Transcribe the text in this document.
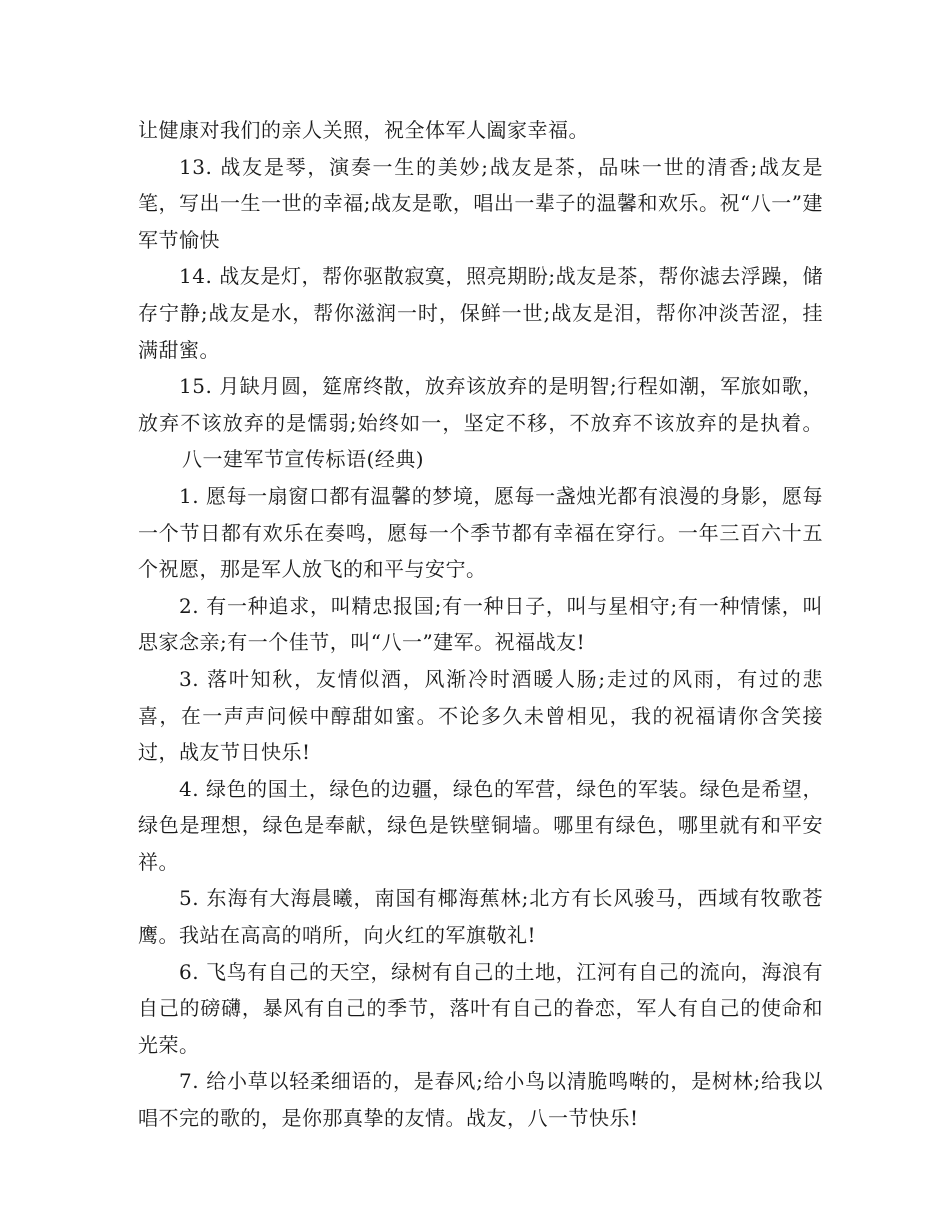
让健康对我们的亲人关照，祝全体军人阖家幸福。

13. 战友是琴，演奏一生的美妙;战友是茶，品味一世的清香;战友是笔，写出一生一世的幸福;战友是歌，唱出一辈子的温馨和欢乐。祝“八一”建军节愉快

14. 战友是灯，帮你驱散寂寞，照亮期盼;战友是茶，帮你滤去浮躁，储存宁静;战友是水，帮你滋润一时，保鲜一世;战友是泪，帮你冲淡苦涩，挂满甜蜜。

15. 月缺月圆，筵席终散，放弃该放弃的是明智;行程如潮，军旅如歌，放弃不该放弃的是懦弱;始终如一，坚定不移，不放弃不该放弃的是执着。八一建军节宣传标语(经典)

1. 愿每一扇窗口都有温馨的梦境，愿每一盏烛光都有浪漫的身影，愿每一个节日都有欢乐在奏鸣，愿每一个季节都有幸福在穿行。一年三百六十五个祝愿，那是军人放飞的和平与安宁。

2. 有一种追求，叫精忠报国;有一种日子，叫与星相守;有一种情愫，叫思家念亲;有一个佳节，叫“八一”建军。祝福战友!

3. 落叶知秋，友情似酒，风渐冷时酒暖人肠;走过的风雨，有过的悲喜，在一声声问候中醇甜如蜜。不论多久未曾相见，我的祝福请你含笑接过，战友节日快乐!

4. 绿色的国土，绿色的边疆，绿色的军营，绿色的军装。绿色是希望，绿色是理想，绿色是奉献，绿色是铁壁铜墙。哪里有绿色，哪里就有和平安祥。

5. 东海有大海晨曦，南国有椰海蕉林;北方有长风骏马，西域有牧歌苍鹰。我站在高高的哨所，向火红的军旗敬礼!

6. 飞鸟有自己的天空，绿树有自己的土地，江河有自己的流向，海浪有自己的磅礴，暴风有自己的季节，落叶有自己的眷恋，军人有自己的使命和光荣。

7. 给小草以轻柔细语的，是春风;给小鸟以清脆鸣啭的，是树林;给我以唱不完的歌的，是你那真挚的友情。战友，八一节快乐!
